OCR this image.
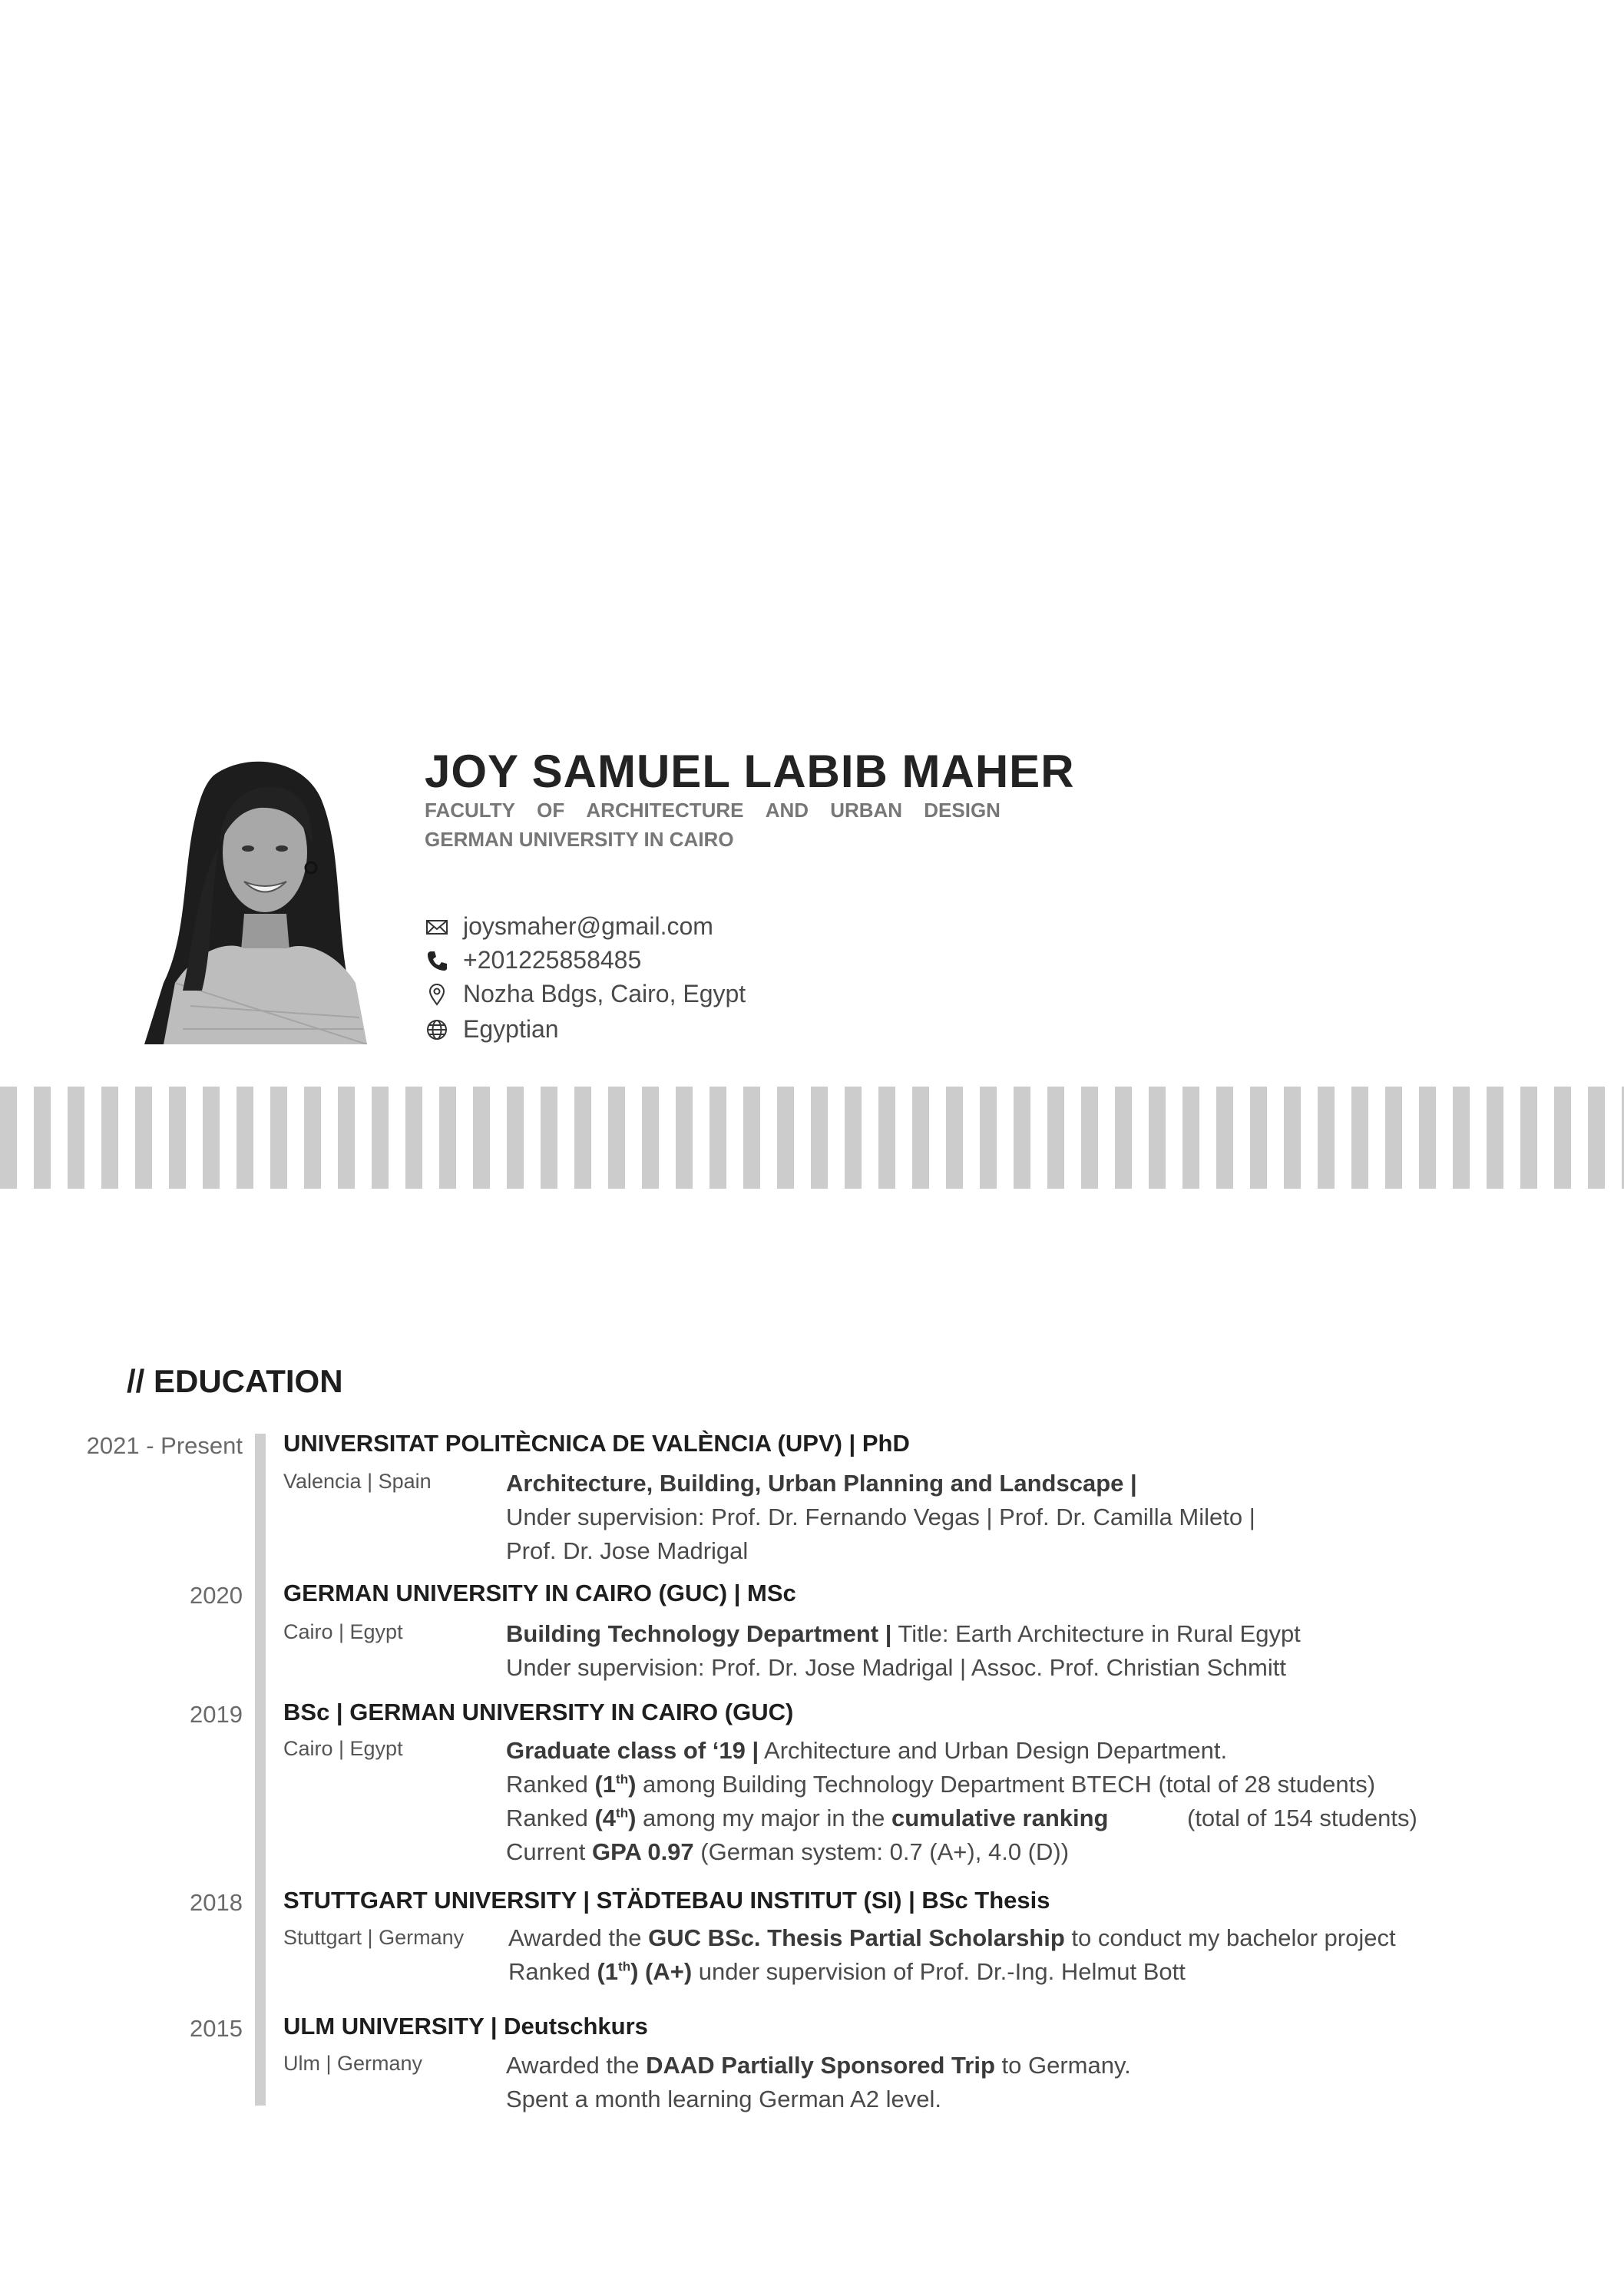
JOY SAMUEL LABIB MAHER
FACULTY OF ARCHITECTURE AND URBAN DESIGN
GERMAN UNIVERSITY IN CAIRO
joysmaher@gmail.com
+201225858485
Nozha Bdgs, Cairo, Egypt
Egyptian
// EDUCATION
2021 - Present UNIVERSITAT POLITÈCNICA DE VALÈNCIA (UPV) | PhD
Valencia | Spain	Architecture, Building, Urban Planning and Landscape |
Under supervision: Prof. Dr. Fernando Vegas | Prof. Dr. Camilla Mileto |
Prof. Dr. Jose Madrigal
2020 GERMAN UNIVERSITY IN CAIRO (GUC) | MSc
Cairo | Egypt	Building Technology Department | Title: Earth Architecture in Rural Egypt
Under supervision: Prof. Dr. Jose Madrigal | Assoc. Prof. Christian Schmitt
2019 BSc | GERMAN UNIVERSITY IN CAIRO (GUC)
Cairo | Egypt	Graduate class of ‘19 | Architecture and Urban Design Department.
Ranked (1th) among Building Technology Department BTECH (total of 28 students)
Ranked (4th) among my major in the cumulative ranking	(total of 154 students)
Current GPA 0.97 (German system: 0.7 (A+), 4.0 (D))
2018 STUTTGART UNIVERSITY | STÄDTEBAU INSTITUT (SI) | BSc Thesis
Stuttgart | Germany Awarded the GUC BSc. Thesis Partial Scholarship to conduct my bachelor project
Ranked (1th) (A+) under supervision of Prof. Dr.-Ing. Helmut Bott
2015 ULM UNIVERSITY | Deutschkurs
Ulm | Germany	Awarded the DAAD Partially Sponsored Trip to Germany.
Spent a month learning German A2 level.
